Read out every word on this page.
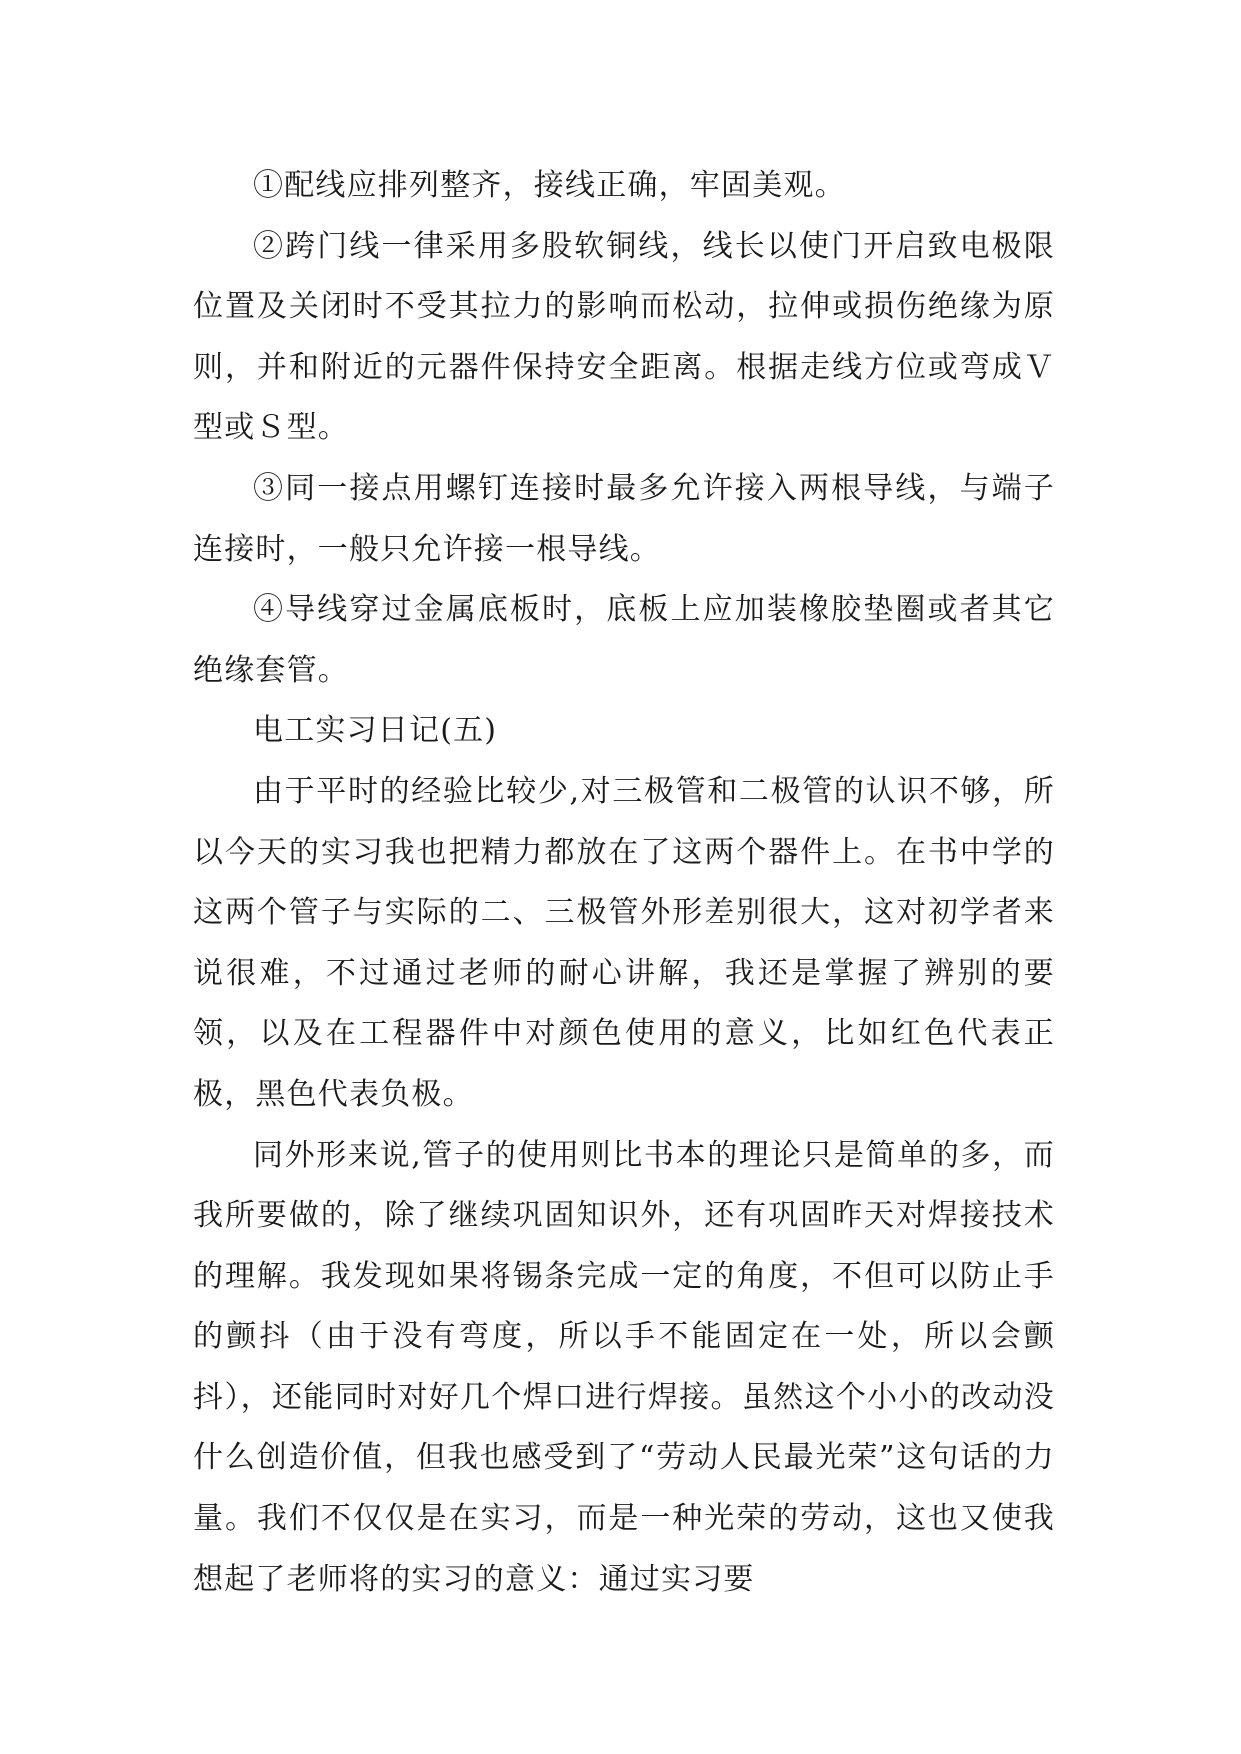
①配线应排列整齐，接线正确，牢固美观。

②跨门线一律采用多股软铜线，线长以使门开启致电极限位置及关闭时不受其拉力的影响而松动，拉伸或损伤绝缘为原则，并和附近的元器件保持安全距离。根据走线方位或弯成Ｖ型或Ｓ型。

③同一接点用螺钉连接时最多允许接入两根导线，与端子连接时，一般只允许接一根导线。

④导线穿过金属底板时，底板上应加装橡胶垫圈或者其它绝缘套管。

电工实习日记(五)

由于平时的经验比较少,对三极管和二极管的认识不够，所以今天的实习我也把精力都放在了这两个器件上。在书中学的这两个管子与实际的二、三极管外形差别很大，这对初学者来说很难，不过通过老师的耐心讲解，我还是掌握了辨别的要领，以及在工程器件中对颜色使用的意义，比如红色代表正极，黑色代表负极。

同外形来说,管子的使用则比书本的理论只是简单的多，而我所要做的，除了继续巩固知识外，还有巩固昨天对焊接技术的理解。我发现如果将锡条完成一定的角度，不但可以防止手的颤抖（由于没有弯度，所以手不能固定在一处，所以会颤抖），还能同时对好几个焊口进行焊接。虽然这个小小的改动没什么创造价值，但我也感受到了“劳动人民最光荣”这句话的力量。我们不仅仅是在实习，而是一种光荣的劳动，这也又使我想起了老师将的实习的意义：通过实习要
